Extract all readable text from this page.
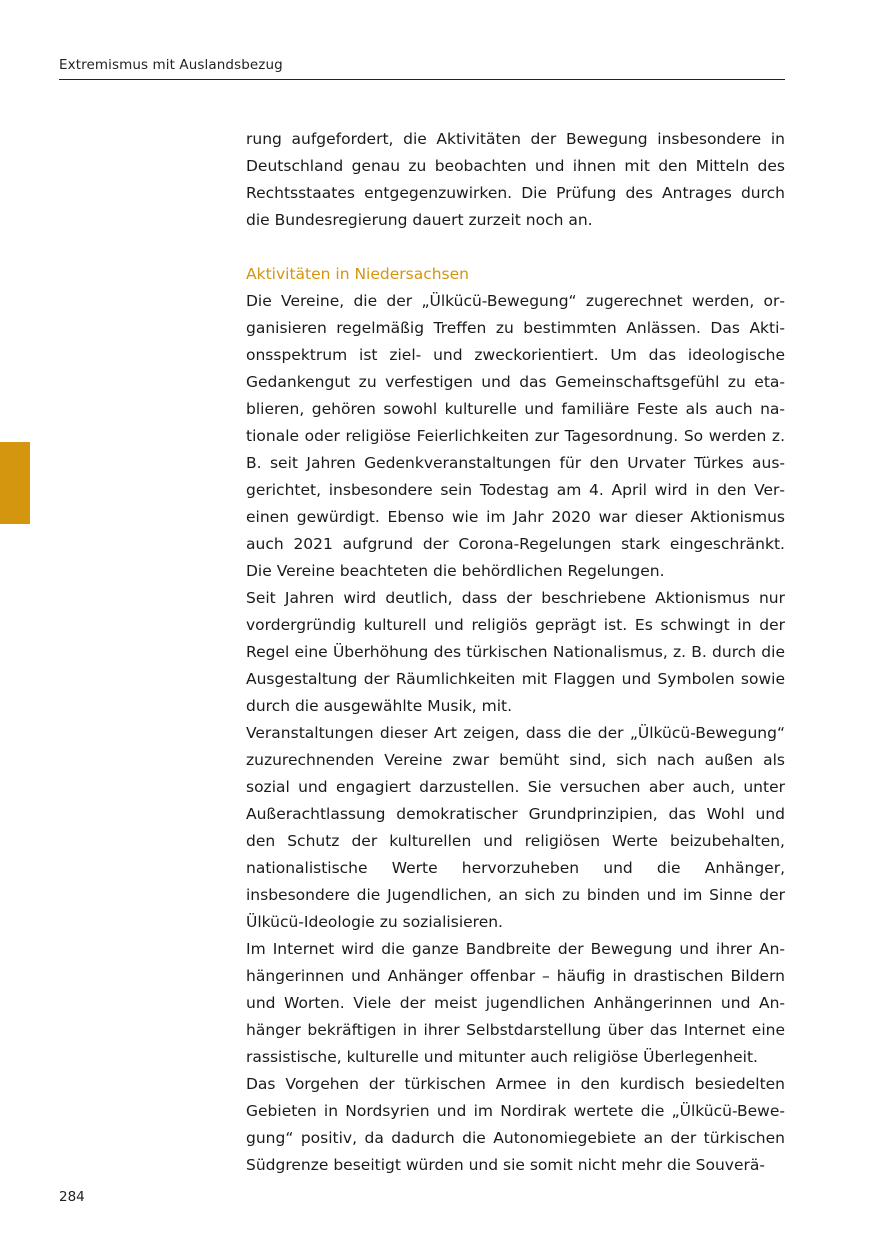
Extremismus mit Auslandsbezug

rung aufgefordert, die Aktivitäten der Bewegung insbesondere in Deutschland genau zu beobachten und ihnen mit den Mitteln des Rechtsstaates entgegenzuwirken. Die Prüfung des Antrages durch die Bundesregierung dauert zurzeit noch an.

Aktivitäten in Niedersachsen

Die Vereine, die der „Ülkücü-Bewegung“ zugerechnet werden, organisieren regelmäßig Treffen zu bestimmten Anlässen. Das Aktionsspektrum ist ziel- und zweckorientiert. Um das ideologische Gedankengut zu verfestigen und das Gemeinschaftsgefühl zu etablieren, gehören sowohl kulturelle und familiäre Feste als auch nationale oder religiöse Feierlichkeiten zur Tagesordnung. So werden z. B. seit Jahren Gedenkveranstaltungen für den Urvater Türkes ausgerichtet, insbesondere sein Todestag am 4. April wird in den Vereinen gewürdigt. Ebenso wie im Jahr 2020 war dieser Aktionismus auch 2021 aufgrund der Corona-Regelungen stark eingeschränkt. Die Vereine beachteten die behördlichen Regelungen.

Seit Jahren wird deutlich, dass der beschriebene Aktionismus nur vordergründig kulturell und religiös geprägt ist. Es schwingt in der Regel eine Überhöhung des türkischen Nationalismus, z. B. durch die Ausgestaltung der Räumlichkeiten mit Flaggen und Symbolen sowie durch die ausgewählte Musik, mit.

Veranstaltungen dieser Art zeigen, dass die der „Ülkücü-Bewegung“ zuzurechnenden Vereine zwar bemüht sind, sich nach außen als sozial und engagiert darzustellen. Sie versuchen aber auch, unter Außerachtlassung demokratischer Grundprinzipien, das Wohl und den Schutz der kulturellen und religiösen Werte beizubehalten, nationalistische Werte hervorzuheben und die Anhänger, insbesondere die Jugendlichen, an sich zu binden und im Sinne der Ülkücü-Ideologie zu sozialisieren.

Im Internet wird die ganze Bandbreite der Bewegung und ihrer Anhängerinnen und Anhänger offenbar – häufig in drastischen Bildern und Worten. Viele der meist jugendlichen Anhängerinnen und Anhänger bekräftigen in ihrer Selbstdarstellung über das Internet eine rassistische, kulturelle und mitunter auch religiöse Überlegenheit.

Das Vorgehen der türkischen Armee in den kurdisch besiedelten Gebieten in Nordsyrien und im Nordirak wertete die „Ülkücü-Bewegung“ positiv, da dadurch die Autonomiegebiete an der türkischen Südgrenze beseitigt würden und sie somit nicht mehr die Souverä-

284
